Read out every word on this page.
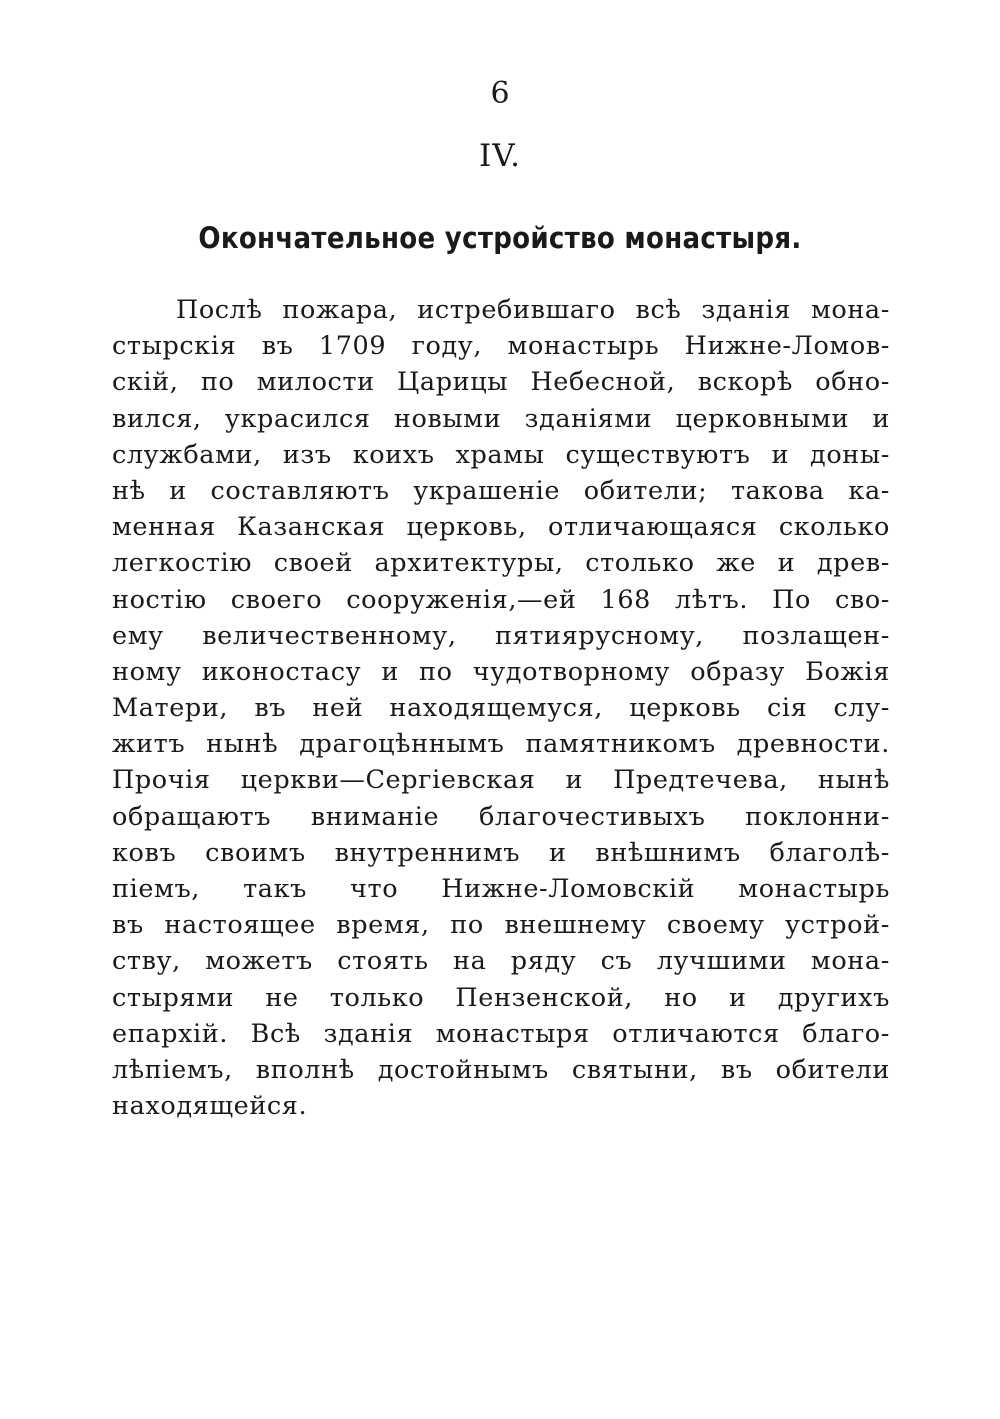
6
IV.
Окончательное устройство монастыря.
Послѣ пожара, истребившаго всѣ зданія мона-
стырскія въ 1709 году, монастырь Нижне-Ломов-
скій, по милости Царицы Небесной, вскорѣ обно-
вился, украсился новыми зданіями церковными и
службами, изъ коихъ храмы существуютъ и доны-
нѣ и составляютъ украшеніе обители; такова ка-
менная Казанская церковь, отличающаяся сколько
легкостію своей архитектуры, столько же и древ-
ностію своего сооруженія,—ей 168 лѣтъ. По сво-
ему величественному, пятиярусному, позлащен-
ному иконостасу и по чудотворному образу Божія
Матери, въ ней находящемуся, церковь сія слу-
житъ нынѣ драгоцѣннымъ памятникомъ древности.
Прочія церкви—Сергіевская и Предтечева, нынѣ
обращаютъ вниманіе благочестивыхъ поклонни-
ковъ своимъ внутреннимъ и внѣшнимъ благолѣ-
піемъ, такъ что Нижне-Ломовскій монастырь
въ настоящее время, по внешнему своему устрой-
ству, можетъ стоять на ряду съ лучшими мона-
стырями не только Пензенской, но и другихъ
епархій. Всѣ зданія монастыря отличаются благо-
лѣпіемъ, вполнѣ достойнымъ святыни, въ обители
находящейся.
